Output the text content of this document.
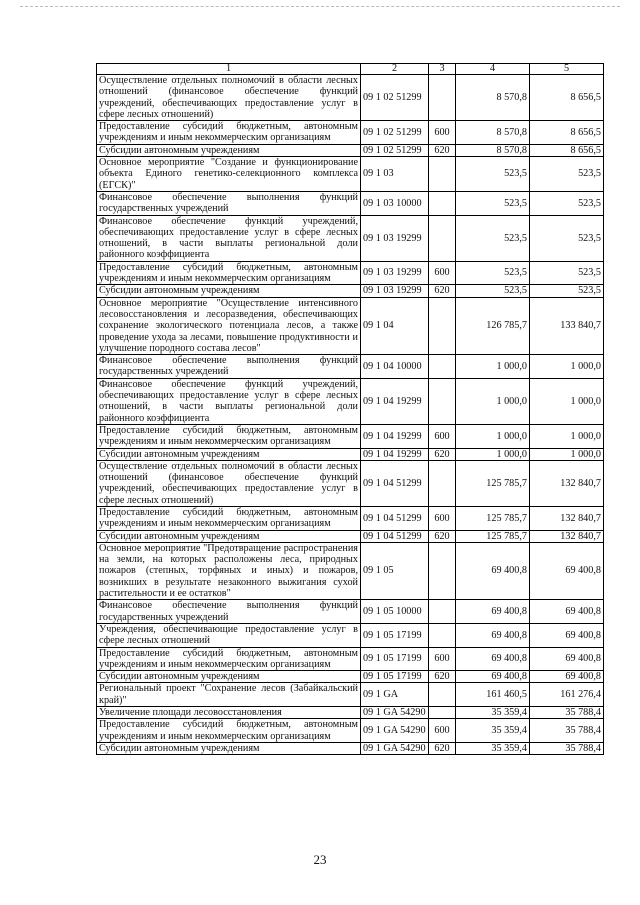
1	2	3	4	5
Осуществление отдельных полномочий в области лесных отношений (финансовое обеспечение функций учреждений, обеспечивающих предоставление услуг в сфере лесных отношений)	09 1 02 51299		8 570,8	8 656,5
Предоставление субсидий бюджетным, автономным учреждениям и иным некоммерческим организациям	09 1 02 51299	600	8 570,8	8 656,5
Субсидии автономным учреждениям	09 1 02 51299	620	8 570,8	8 656,5
Основное мероприятие "Создание и функционирование объекта Единого генетико-селекционного комплекса (ЕГСК)"	09 1 03		523,5	523,5
Финансовое обеспечение выполнения функций государственных учреждений	09 1 03 10000		523,5	523,5
Финансовое обеспечение функций учреждений, обеспечивающих предоставление услуг в сфере лесных отношений, в части выплаты региональной доли районного коэффициента	09 1 03 19299		523,5	523,5
Предоставление субсидий бюджетным, автономным учреждениям и иным некоммерческим организациям	09 1 03 19299	600	523,5	523,5
Субсидии автономным учреждениям	09 1 03 19299	620	523,5	523,5
Основное мероприятие "Осуществление интенсивного лесовосстановления и лесоразведения, обеспечивающих сохранение экологического потенциала лесов, а также проведение ухода за лесами, повышение продуктивности и улучшение породного состава лесов"	09 1 04		126 785,7	133 840,7
Финансовое обеспечение выполнения функций государственных учреждений	09 1 04 10000		1 000,0	1 000,0
Финансовое обеспечение функций учреждений, обеспечивающих предоставление услуг в сфере лесных отношений, в части выплаты региональной доли районного коэффициента	09 1 04 19299		1 000,0	1 000,0
Предоставление субсидий бюджетным, автономным учреждениям и иным некоммерческим организациям	09 1 04 19299	600	1 000,0	1 000,0
Субсидии автономным учреждениям	09 1 04 19299	620	1 000,0	1 000,0
Осуществление отдельных полномочий в области лесных отношений (финансовое обеспечение функций учреждений, обеспечивающих предоставление услуг в сфере лесных отношений)	09 1 04 51299		125 785,7	132 840,7
Предоставление субсидий бюджетным, автономным учреждениям и иным некоммерческим организациям	09 1 04 51299	600	125 785,7	132 840,7
Субсидии автономным учреждениям	09 1 04 51299	620	125 785,7	132 840,7
Основное мероприятие "Предотвращение распространения на земли, на которых расположены леса, природных пожаров (степных, торфяных и иных) и пожаров, возникших в результате незаконного выжигания сухой растительности и ее остатков"	09 1 05		69 400,8	69 400,8
Финансовое обеспечение выполнения функций государственных учреждений	09 1 05 10000		69 400,8	69 400,8
Учреждения, обеспечивающие предоставление услуг в сфере лесных отношений	09 1 05 17199		69 400,8	69 400,8
Предоставление субсидий бюджетным, автономным учреждениям и иным некоммерческим организациям	09 1 05 17199	600	69 400,8	69 400,8
Субсидии автономным учреждениям	09 1 05 17199	620	69 400,8	69 400,8
Региональный проект "Сохранение лесов (Забайкальский край)"	09 1 GA		161 460,5	161 276,4
Увеличение площади лесовосстановления	09 1 GA 54290		35 359,4	35 788,4
Предоставление субсидий бюджетным, автономным учреждениям и иным некоммерческим организациям	09 1 GA 54290	600	35 359,4	35 788,4
Субсидии автономным учреждениям	09 1 GA 54290	620	35 359,4	35 788,4
23
